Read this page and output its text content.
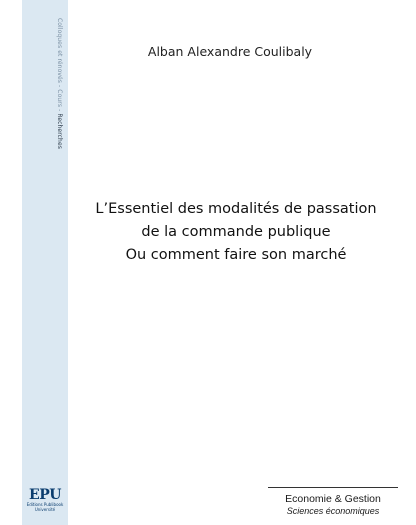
Colloques et rénovés - Cours - Recherches
Alban Alexandre Coulibaly
L’Essentiel des modalités de passation
de la commande publique
Ou comment faire son marché
EPU
Editions Publibook
Université
Economie & Gestion
Sciences économiques
